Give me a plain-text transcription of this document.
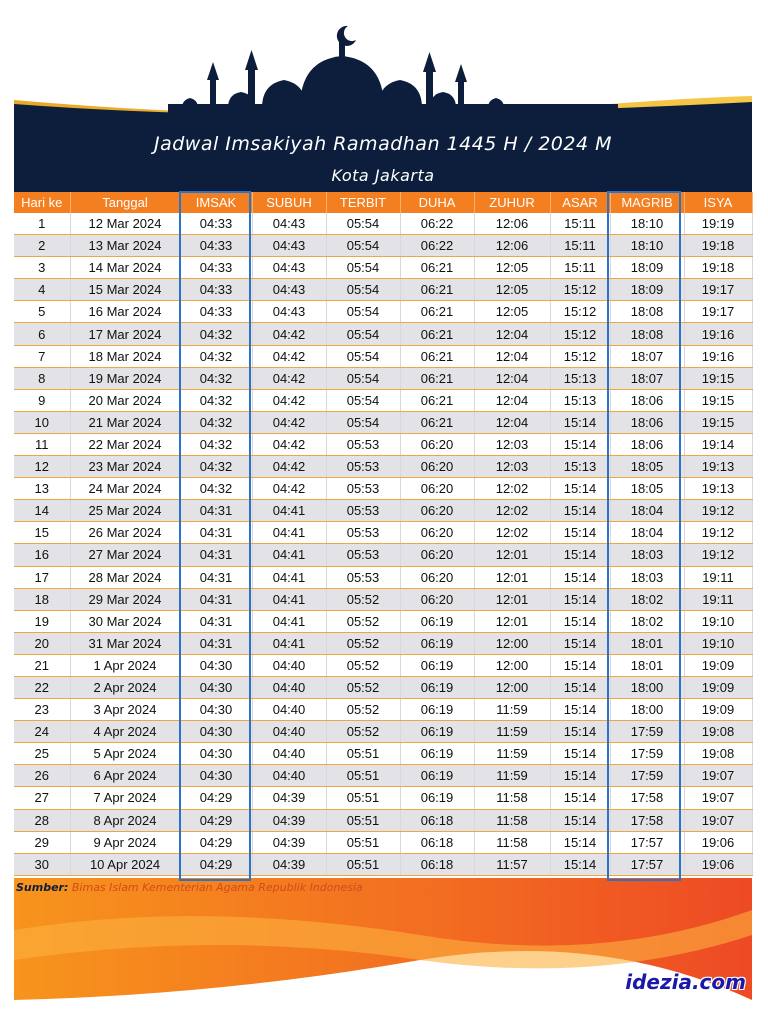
Jadwal Imsakiyah Ramadhan 1445 H / 2024 M
Kota Jakarta
Hari ke	Tanggal	IMSAK	SUBUH	TERBIT	DUHA	ZUHUR	ASAR	MAGRIB	ISYA
1	12 Mar 2024	04:33	04:43	05:54	06:22	12:06	15:11	18:10	19:19
2	13 Mar 2024	04:33	04:43	05:54	06:22	12:06	15:11	18:10	19:18
3	14 Mar 2024	04:33	04:43	05:54	06:21	12:05	15:11	18:09	19:18
4	15 Mar 2024	04:33	04:43	05:54	06:21	12:05	15:12	18:09	19:17
5	16 Mar 2024	04:33	04:43	05:54	06:21	12:05	15:12	18:08	19:17
6	17 Mar 2024	04:32	04:42	05:54	06:21	12:04	15:12	18:08	19:16
7	18 Mar 2024	04:32	04:42	05:54	06:21	12:04	15:12	18:07	19:16
8	19 Mar 2024	04:32	04:42	05:54	06:21	12:04	15:13	18:07	19:15
9	20 Mar 2024	04:32	04:42	05:54	06:21	12:04	15:13	18:06	19:15
10	21 Mar 2024	04:32	04:42	05:54	06:21	12:04	15:14	18:06	19:15
11	22 Mar 2024	04:32	04:42	05:53	06:20	12:03	15:14	18:06	19:14
12	23 Mar 2024	04:32	04:42	05:53	06:20	12:03	15:13	18:05	19:13
13	24 Mar 2024	04:32	04:42	05:53	06:20	12:02	15:14	18:05	19:13
14	25 Mar 2024	04:31	04:41	05:53	06:20	12:02	15:14	18:04	19:12
15	26 Mar 2024	04:31	04:41	05:53	06:20	12:02	15:14	18:04	19:12
16	27 Mar 2024	04:31	04:41	05:53	06:20	12:01	15:14	18:03	19:12
17	28 Mar 2024	04:31	04:41	05:53	06:20	12:01	15:14	18:03	19:11
18	29 Mar 2024	04:31	04:41	05:52	06:20	12:01	15:14	18:02	19:11
19	30 Mar 2024	04:31	04:41	05:52	06:19	12:01	15:14	18:02	19:10
20	31 Mar 2024	04:31	04:41	05:52	06:19	12:00	15:14	18:01	19:10
21	1 Apr 2024	04:30	04:40	05:52	06:19	12:00	15:14	18:01	19:09
22	2 Apr 2024	04:30	04:40	05:52	06:19	12:00	15:14	18:00	19:09
23	3 Apr 2024	04:30	04:40	05:52	06:19	11:59	15:14	18:00	19:09
24	4 Apr 2024	04:30	04:40	05:52	06:19	11:59	15:14	17:59	19:08
25	5 Apr 2024	04:30	04:40	05:51	06:19	11:59	15:14	17:59	19:08
26	6 Apr 2024	04:30	04:40	05:51	06:19	11:59	15:14	17:59	19:07
27	7 Apr 2024	04:29	04:39	05:51	06:19	11:58	15:14	17:58	19:07
28	8 Apr 2024	04:29	04:39	05:51	06:18	11:58	15:14	17:58	19:07
29	9 Apr 2024	04:29	04:39	05:51	06:18	11:58	15:14	17:57	19:06
30	10 Apr 2024	04:29	04:39	05:51	06:18	11:57	15:14	17:57	19:06
Sumber: Bimas Islam Kementerian Agama Republik Indonesia
idezia.com
